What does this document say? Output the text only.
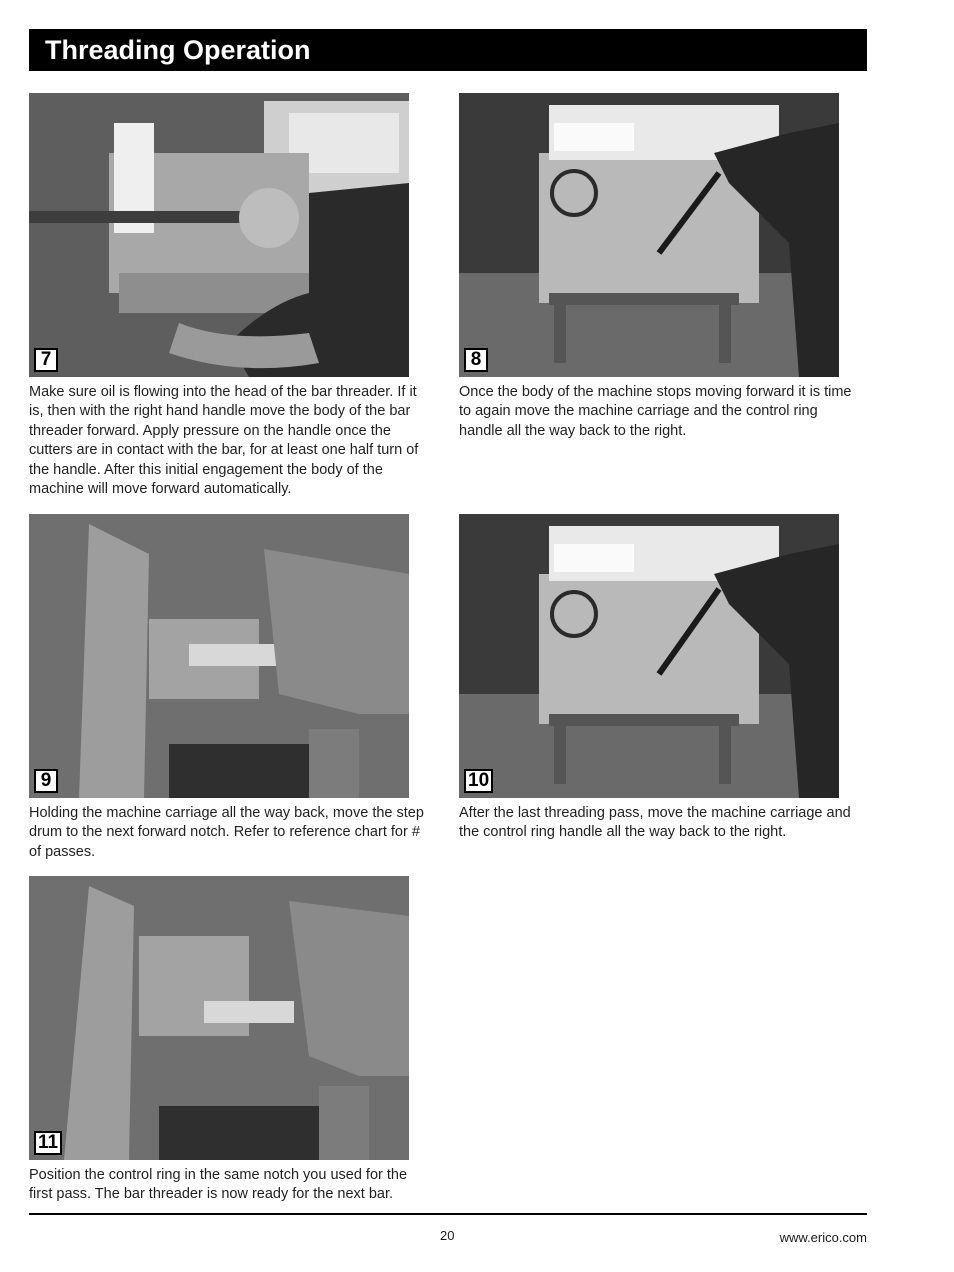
Threading Operation
7

Make sure oil is flowing into the head of the bar threader. If it is, then with the right hand handle move the body of the bar threader forward. Apply pressure on the handle once the cutters are in contact with the bar, for at least one half turn of the handle. After this initial engagement the body of the machine will move forward automatically.

8

Once the body of the machine stops moving forward it is time to again move the machine carriage and the control ring handle all the way back to the right.

9

Holding the machine carriage all the way back, move the step drum to the next forward notch. Refer to reference chart for # of passes.

10

After the last threading pass, move the machine carriage and the control ring handle all the way back to the right.

11

Position the control ring in the same notch you used for the first pass. The bar threader is now ready for the next bar.

20	www.erico.com
